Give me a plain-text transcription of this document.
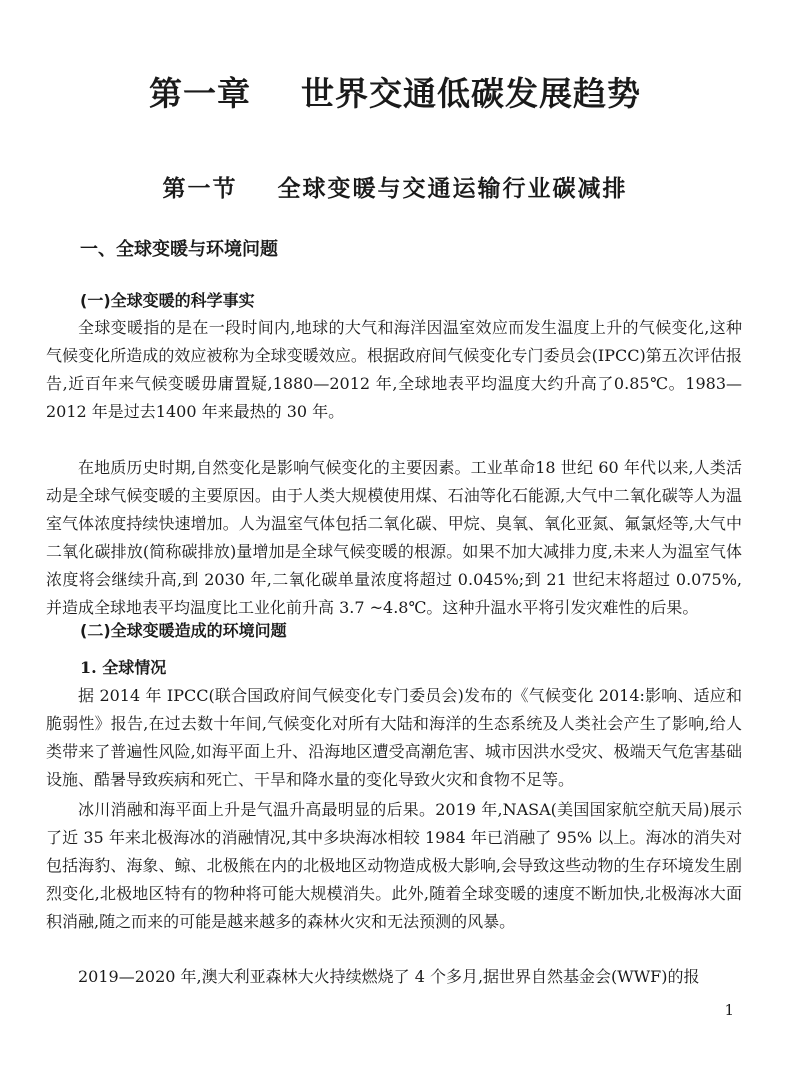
第一章    世界交通低碳发展趋势
第一节    全球变暖与交通运输行业碳减排
一、全球变暖与环境问题
(一)全球变暖的科学事实

全球变暖指的是在一段时间内,地球的大气和海洋因温室效应而发生温度上升的气候变化,这种气候变化所造成的效应被称为全球变暖效应。根据政府间气候变化专门委员会(IPCC)第五次评估报告,近百年来气候变暖毋庸置疑,1880—2012 年,全球地表平均温度大约升高了0.85℃。1983—2012 年是过去1400 年来最热的 30 年。

在地质历史时期,自然变化是影响气候变化的主要因素。工业革命18 世纪 60 年代以来,人类活动是全球气候变暖的主要原因。由于人类大规模使用煤、石油等化石能源,大气中二氧化碳等人为温室气体浓度持续快速增加。人为温室气体包括二氧化碳、甲烷、臭氧、氧化亚氮、氟氯烃等,大气中二氧化碳排放(简称碳排放)量增加是全球气候变暖的根源。如果不加大减排力度,未来人为温室气体浓度将会继续升高,到 2030 年,二氧化碳单量浓度将超过 0.045%;到 21 世纪末将超过 0.075%,并造成全球地表平均温度比工业化前升高 3.7 ~4.8℃。这种升温水平将引发灾难性的后果。

(二)全球变暖造成的环境问题
1. 全球情况

据 2014 年 IPCC(联合国政府间气候变化专门委员会)发布的《气候变化 2014:影响、适应和脆弱性》报告,在过去数十年间,气候变化对所有大陆和海洋的生态系统及人类社会产生了影响,给人类带来了普遍性风险,如海平面上升、沿海地区遭受高潮危害、城市因洪水受灾、极端天气危害基础设施、酷暑导致疾病和死亡、干旱和降水量的变化导致火灾和食物不足等。

冰川消融和海平面上升是气温升高最明显的后果。2019 年,NASA(美国国家航空航天局)展示了近 35 年来北极海冰的消融情况,其中多块海冰相较 1984 年已消融了 95% 以上。海冰的消失对包括海豹、海象、鲸、北极熊在内的北极地区动物造成极大影响,会导致这些动物的生存环境发生剧烈变化,北极地区特有的物种将可能大规模消失。此外,随着全球变暖的速度不断加快,北极海冰大面积消融,随之而来的可能是越来越多的森林火灾和无法预测的风暴。

2019—2020 年,澳大利亚森林大火持续燃烧了 4 个多月,据世界自然基金会(WWF)的报

1
